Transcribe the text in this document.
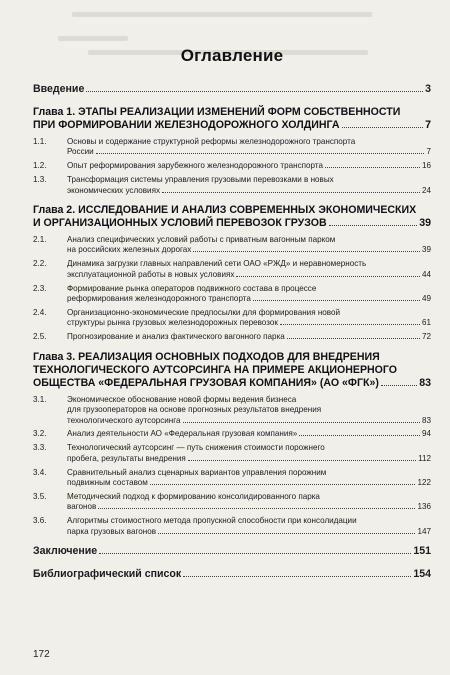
Оглавление
Введение	3
Глава 1. ЭТАПЫ РЕАЛИЗАЦИИ ИЗМЕНЕНИЙ ФОРМ СОБСТВЕННОСТИ
ПРИ ФОРМИРОВАНИИ ЖЕЛЕЗНОДОРОЖНОГО ХОЛДИНГА	7
1.1.	Основы и содержание структурной реформы железнодорожного транспорта
России	7
1.2.	Опыт реформирования зарубежного железнодорожного транспорта	16
1.3.	Трансформация системы управления грузовыми перевозками в новых
экономических условиях	24
Глава 2. ИССЛЕДОВАНИЕ И АНАЛИЗ СОВРЕМЕННЫХ ЭКОНОМИЧЕСКИХ
И ОРГАНИЗАЦИОННЫХ УСЛОВИЙ ПЕРЕВОЗОК ГРУЗОВ	39
2.1.	Анализ специфических условий работы с приватным вагонным парком
на российских железных дорогах	39
2.2.	Динамика загрузки главных направлений сети ОАО «РЖД» и неравномерность
эксплуатационной работы в новых условиях	44
2.3.	Формирование рынка операторов подвижного состава в процессе
реформирования железнодорожного транспорта	49
2.4.	Организационно-экономические предпосылки для формирования новой
структуры рынка грузовых железнодорожных перевозок	61
2.5.	Прогнозирование и анализ фактического вагонного парка	72
Глава 3. РЕАЛИЗАЦИЯ ОСНОВНЫХ ПОДХОДОВ ДЛЯ ВНЕДРЕНИЯ
ТЕХНОЛОГИЧЕСКОГО АУТСОРСИНГА НА ПРИМЕРЕ АКЦИОНЕРНОГО
ОБЩЕСТВА «ФЕДЕРАЛЬНАЯ ГРУЗОВАЯ КОМПАНИЯ» (АО «ФГК»)	83
3.1.	Экономическое обоснование новой формы ведения бизнеса
для грузооператоров на основе прогнозных результатов внедрения
технологического аутсорсинга	83
3.2.	Анализ деятельности АО «Федеральная грузовая компания»	94
3.3.	Технологический аутсорсинг — путь снижения стоимости порожнего
пробега, результаты внедрения	112
3.4.	Сравнительный анализ сценарных вариантов управления порожним
подвижным составом	122
3.5.	Методический подход к формированию консолидированного парка
вагонов	136
3.6.	Алгоритмы стоимостного метода пропускной способности при консолидации
парка грузовых вагонов	147
Заключение	151
Библиографический список	154
172
